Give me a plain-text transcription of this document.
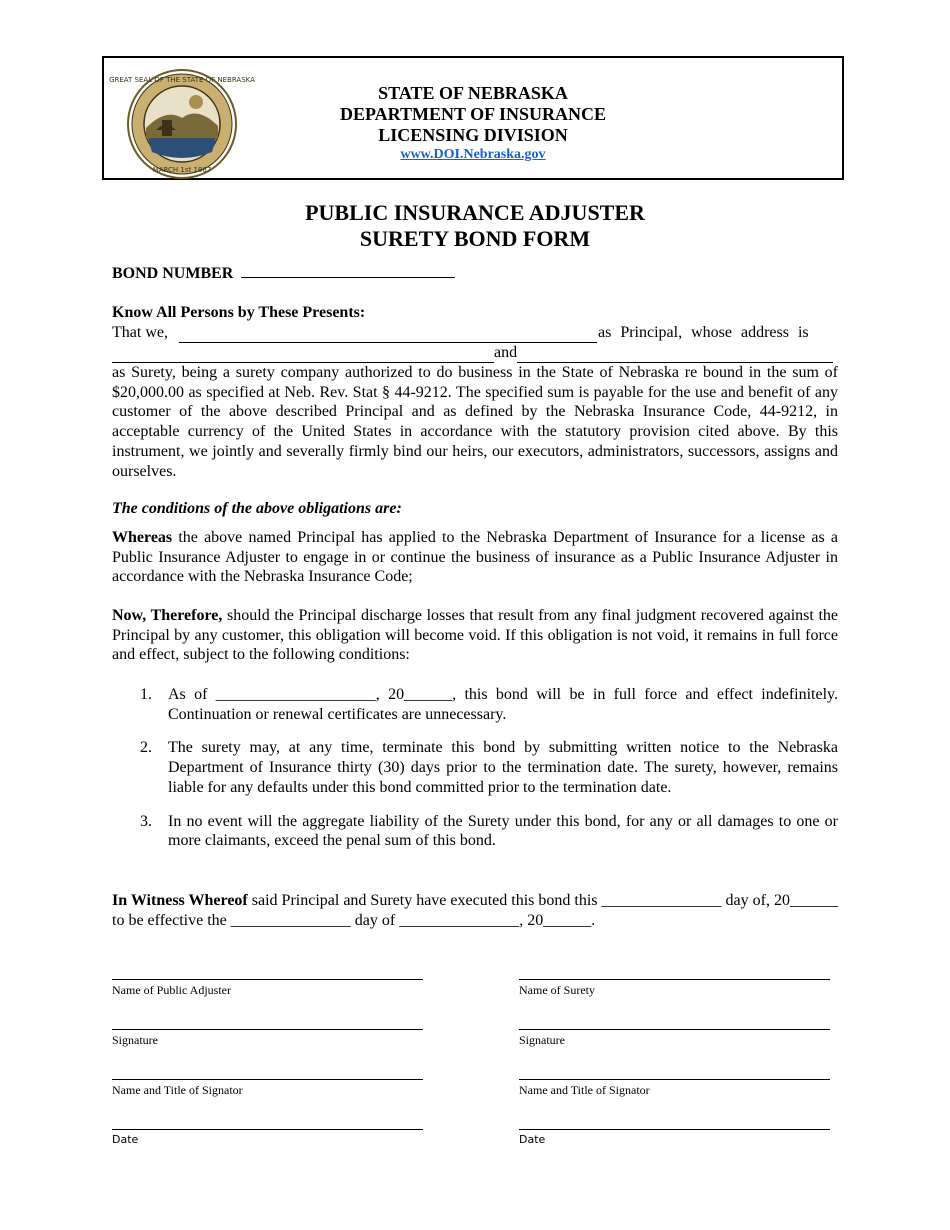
GREAT SEAL OF THE STATE OF NEBRASKA
MARCH 1st 1867
STATE OF NEBRASKA
DEPARTMENT OF INSURANCE
LICENSING DIVISION
www.DOI.Nebraska.gov
PUBLIC INSURANCE ADJUSTER
SURETY BOND FORM
BOND NUMBER
Know All Persons by These Presents:
That we,	as Principal, whose address is
and
as Surety, being a surety company authorized to do business in the State of Nebraska re bound in the sum of $20,000.00 as specified at Neb. Rev. Stat § 44-9212. The specified sum is payable for the use and benefit of any customer of the above described Principal and as defined by the Nebraska Insurance Code, 44-9212, in acceptable currency of the United States in accordance with the statutory provision cited above. By this instrument, we jointly and severally firmly bind our heirs, our executors, administrators, successors, assigns and ourselves.
The conditions of the above obligations are:
Whereas the above named Principal has applied to the Nebraska Department of Insurance for a license as a Public Insurance Adjuster to engage in or continue the business of insurance as a Public Insurance Adjuster in accordance with the Nebraska Insurance Code;
Now, Therefore, should the Principal discharge losses that result from any final judgment recovered against the Principal by any customer, this obligation will become void. If this obligation is not void, it remains in full force and effect, subject to the following conditions:
1. As of ____________________, 20______, this bond will be in full force and effect indefinitely. Continuation or renewal certificates are unnecessary.
2. The surety may, at any time, terminate this bond by submitting written notice to the Nebraska Department of Insurance thirty (30) days prior to the termination date. The surety, however, remains liable for any defaults under this bond committed prior to the termination date.
3. In no event will the aggregate liability of the Surety under this bond, for any or all damages to one or more claimants, exceed the penal sum of this bond.
In Witness Whereof said Principal and Surety have executed this bond this _______________ day of, 20______ to be effective the _______________ day of _______________, 20______.
Name of Public Adjuster
Signature
Name and Title of Signator
Date
Name of Surety
Signature
Name and Title of Signator
Date
